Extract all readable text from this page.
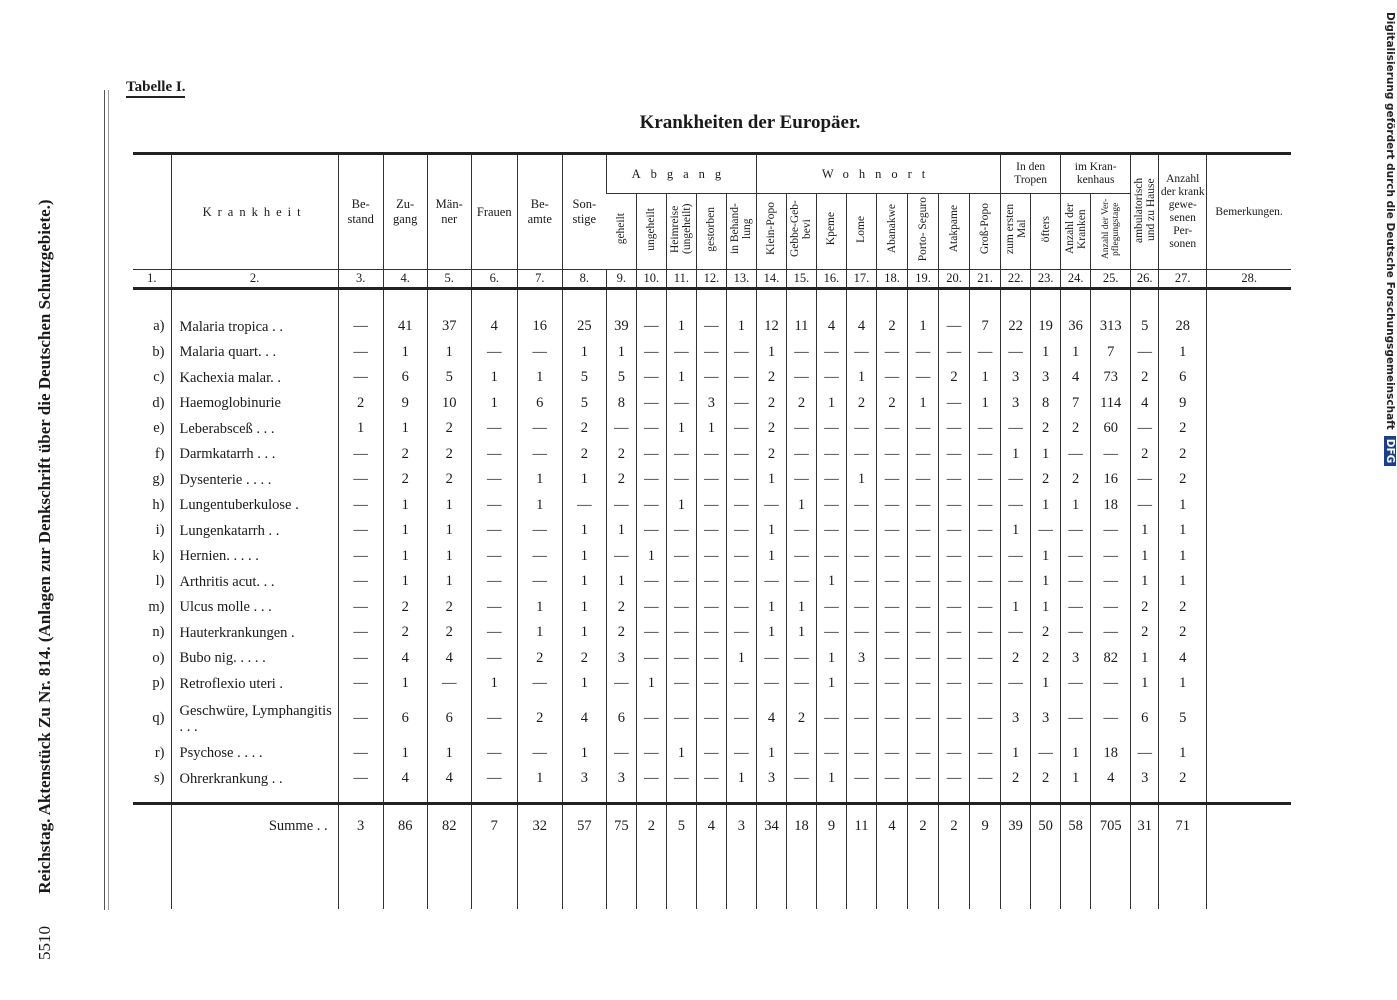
5510 Reichstag. Aktenstück Zu Nr. 814. (Anlagen zur Denkschrift über die Deutschen Schutzgebiete.)	Digitalisierung gefördert durch die Deutsche ForschungsgemeinschaftDFG
Tabelle I.
Krankheiten der Europäer.
	Krankheit	Be- stand	Zu- gang	Män- ner	Frauen	Be- amte	Son- stige	Abgang					Wohnort								In den Tropen		im Kran- kenhaus		ambulatorisch und zu Hause	Anzahl der krank gewe- senen Per- sonen	Bemerkungen.
								geheilt	ungeheilt	Heimreise (ungeheilt)	gestorben	in Behand- lung	Klein-Popo	Gebbe-Geb- bevi	Kpeme	Lome	Abanakwe	Porto- Seguro	Atakpame	Groß-Popo	zum ersten Mal	öfters	Anzahl der Kranken	Anzahl der Ver- pflegungstage			
1.	2.	3.	4.	5.	6.	7.	8.	9.	10.	11.	12.	13.	14.	15.	16.	17.	18.	19.	20.	21.	22.	23.	24.	25.	26.	27.	28.

a)	Malaria tropica . .	—	41	37	4	16	25	39	—	1	—	1	12	11	4	4	2	1	—	7	22	19	36	313	5	28	
b)	Malaria quart. . .	—	1	1	—	—	1	1	—	—	—	—	1	—	—	—	—	—	—	—	—	1	1	7	—	1	
c)	Kachexia malar. .	—	6	5	1	1	5	5	—	1	—	—	2	—	—	1	—	—	2	1	3	3	4	73	2	6	
d)	Haemoglobinurie	2	9	10	1	6	5	8	—	—	3	—	2	2	1	2	2	1	—	1	3	8	7	114	4	9	
e)	Leberabsceß . . .	1	1	2	—	—	2	—	—	1	1	—	2	—	—	—	—	—	—	—	—	2	2	60	—	2	
f)	Darmkatarrh . . .	—	2	2	—	—	2	2	—	—	—	—	2	—	—	—	—	—	—	—	1	1	—	—	2	2	
g)	Dysenterie . . . .	—	2	2	—	1	1	2	—	—	—	—	1	—	—	1	—	—	—	—	—	2	2	16	—	2	
h)	Lungentuberkulose .	—	1	1	—	1	—	—	—	1	—	—	—	1	—	—	—	—	—	—	—	1	1	18	—	1	
i)	Lungenkatarrh . .	—	1	1	—	—	1	1	—	—	—	—	1	—	—	—	—	—	—	—	1	—	—	—	1	1	
k)	Hernien. . . . .	—	1	1	—	—	1	—	1	—	—	—	1	—	—	—	—	—	—	—	—	1	—	—	1	1	
l)	Arthritis acut. . .	—	1	1	—	—	1	1	—	—	—	—	—	—	1	—	—	—	—	—	—	1	—	—	1	1	
m)	Ulcus molle . . .	—	2	2	—	1	1	2	—	—	—	—	1	1	—	—	—	—	—	—	1	1	—	—	2	2	
n)	Hauterkrankungen .	—	2	2	—	1	1	2	—	—	—	—	1	1	—	—	—	—	—	—	—	2	—	—	2	2	
o)	Bubo nig. . . . .	—	4	4	—	2	2	3	—	—	—	1	—	—	1	3	—	—	—	—	2	2	3	82	1	4	
p)	Retroflexio uteri .	—	1	—	1	—	1	—	1	—	—	—	—	—	1	—	—	—	—	—	—	1	—	—	1	1	
q)	Geschwüre, Lymphangitis . . .	—	6	6	—	2	4	6	—	—	—	—	4	2	—	—	—	—	—	—	3	3	—	—	6	5	
r)	Psychose . . . .	—	1	1	—	—	1	—	—	1	—	—	1	—	—	—	—	—	—	—	1	—	1	18	—	1	
s)	Ohrerkrankung . .	—	4	4	—	1	3	3	—	—	—	1	3	—	1	—	—	—	—	—	2	2	1	4	3	2	

	Summe . .	3	86	82	7	32	57	75	2	5	4	3	34	18	9	11	4	2	2	9	39	50	58	705	31	71	
